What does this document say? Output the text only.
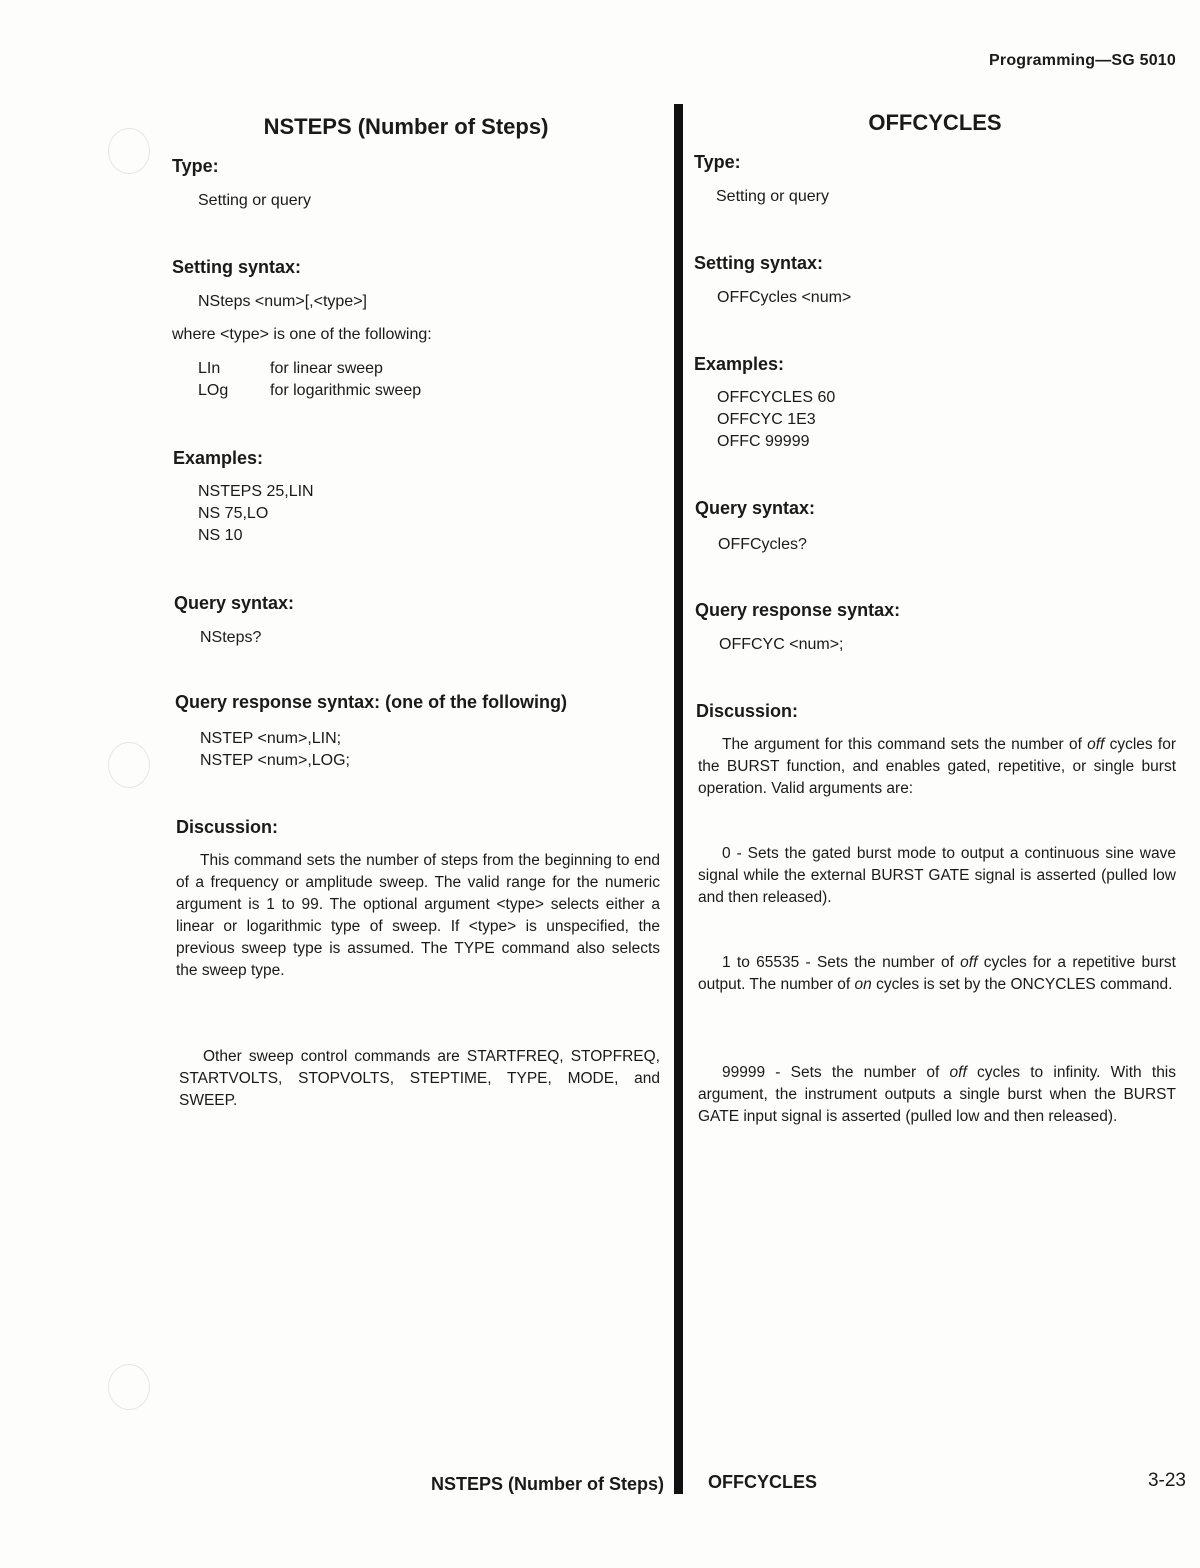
Programming—SG 5010
NSTEPS (Number of Steps)
Type:
Setting or query
Setting syntax:
NSteps <num>[,<type>]
where <type> is one of the following:
LIn	for linear sweep
LOg	for logarithmic sweep
Examples:
NSTEPS 25,LIN
NS 75,LO
NS 10
Query syntax:
NSteps?
Query response syntax: (one of the following)
NSTEP <num>,LIN;
NSTEP <num>,LOG;
Discussion:
This command sets the number of steps from the beginning to end of a frequency or amplitude sweep. The valid range for the numeric argument is 1 to 99. The optional argument <type> selects either a linear or logarithmic type of sweep. If <type> is unspecified, the previous sweep type is assumed. The TYPE command also selects the sweep type.
Other sweep control commands are STARTFREQ, STOPFREQ, STARTVOLTS, STOPVOLTS, STEPTIME, TYPE, MODE, and SWEEP.
OFFCYCLES
Type:
Setting or query
Setting syntax:
OFFCycles <num>
Examples:
OFFCYCLES 60
OFFCYC 1E3
OFFC 99999
Query syntax:
OFFCycles?
Query response syntax:
OFFCYC <num>;
Discussion:
The argument for this command sets the number of off cycles for the BURST function, and enables gated, repetitive, or single burst operation. Valid arguments are:
0 - Sets the gated burst mode to output a continuous sine wave signal while the external BURST GATE signal is asserted (pulled low and then released).
1 to 65535 - Sets the number of off cycles for a repetitive burst output. The number of on cycles is set by the ONCYCLES command.
99999 - Sets the number of off cycles to infinity. With this argument, the instrument outputs a single burst when the BURST GATE input signal is asserted (pulled low and then released).
NSTEPS (Number of Steps) OFFCYCLES	3-23
